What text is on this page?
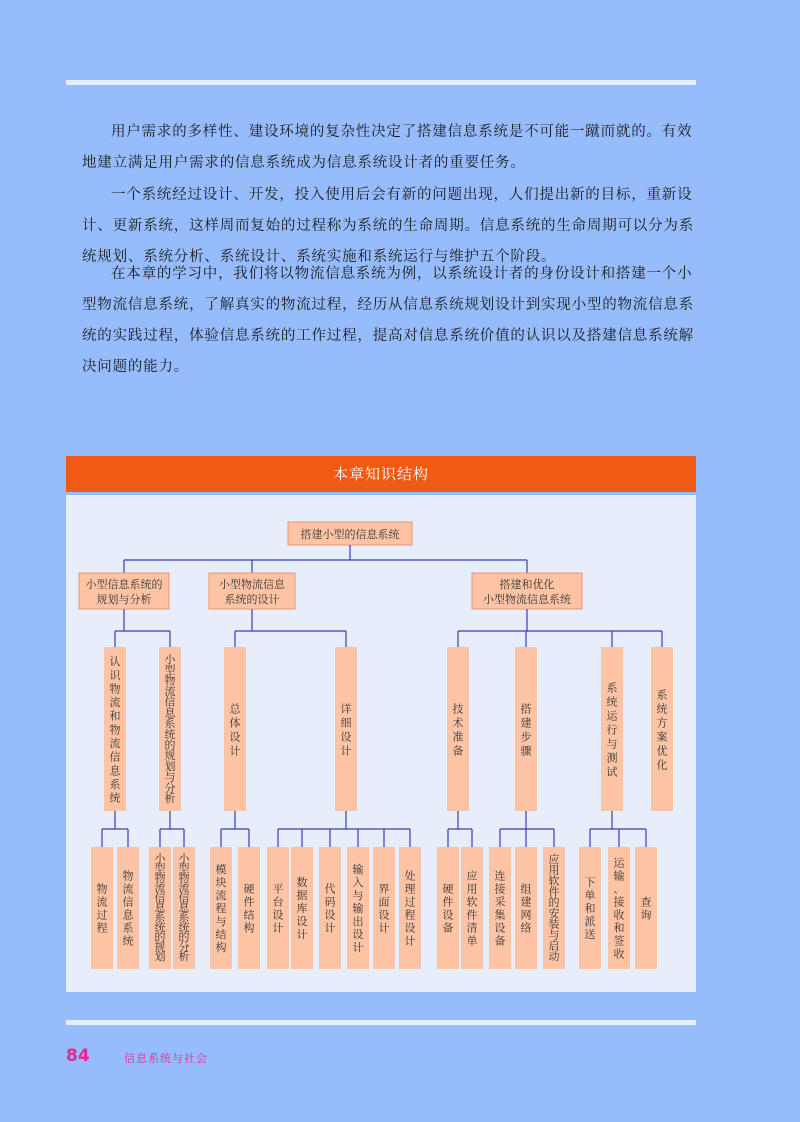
用户需求的多样性、建设环境的复杂性决定了搭建信息系统是不可能一蹴而就的。有效地建立满足用户需求的信息系统成为信息系统设计者的重要任务。

一个系统经过设计、开发，投入使用后会有新的问题出现，人们提出新的目标，重新设计、更新系统，这样周而复始的过程称为系统的生命周期。信息系统的生命周期可以分为系统规划、系统分析、系统设计、系统实施和系统运行与维护五个阶段。

在本章的学习中，我们将以物流信息系统为例，以系统设计者的身份设计和搭建一个小型物流信息系统，了解真实的物流过程，经历从信息系统规划设计到实现小型的物流信息系统的实践过程，体验信息系统的工作过程，提高对信息系统价值的认识以及搭建信息系统解决问题的能力。

本章知识结构
搭建小型的信息系统
小型信息系统的
规划与分析
小型物流信息
系统的设计
搭建和优化
小型物流信息系统
认识物流和物流信息系统
小型物流信息系统的规划与分析
总体设计
详细设计
技术准备
搭建步骤
系统运行与测试
系统方案优化
物流过程
物流信息系统
小型物流信息系统的规划
小型物流信息系统的分析
模块流程与结构
硬件结构
平台设计
数据库设计
代码设计
输入与输出设计
界面设计
处理过程设计
硬件设备
应用软件清单
连接采集设备
组建网络
应用软件的安装与启动
下单和派送
运输、接收和签收
查询
84	信息系统与社会
